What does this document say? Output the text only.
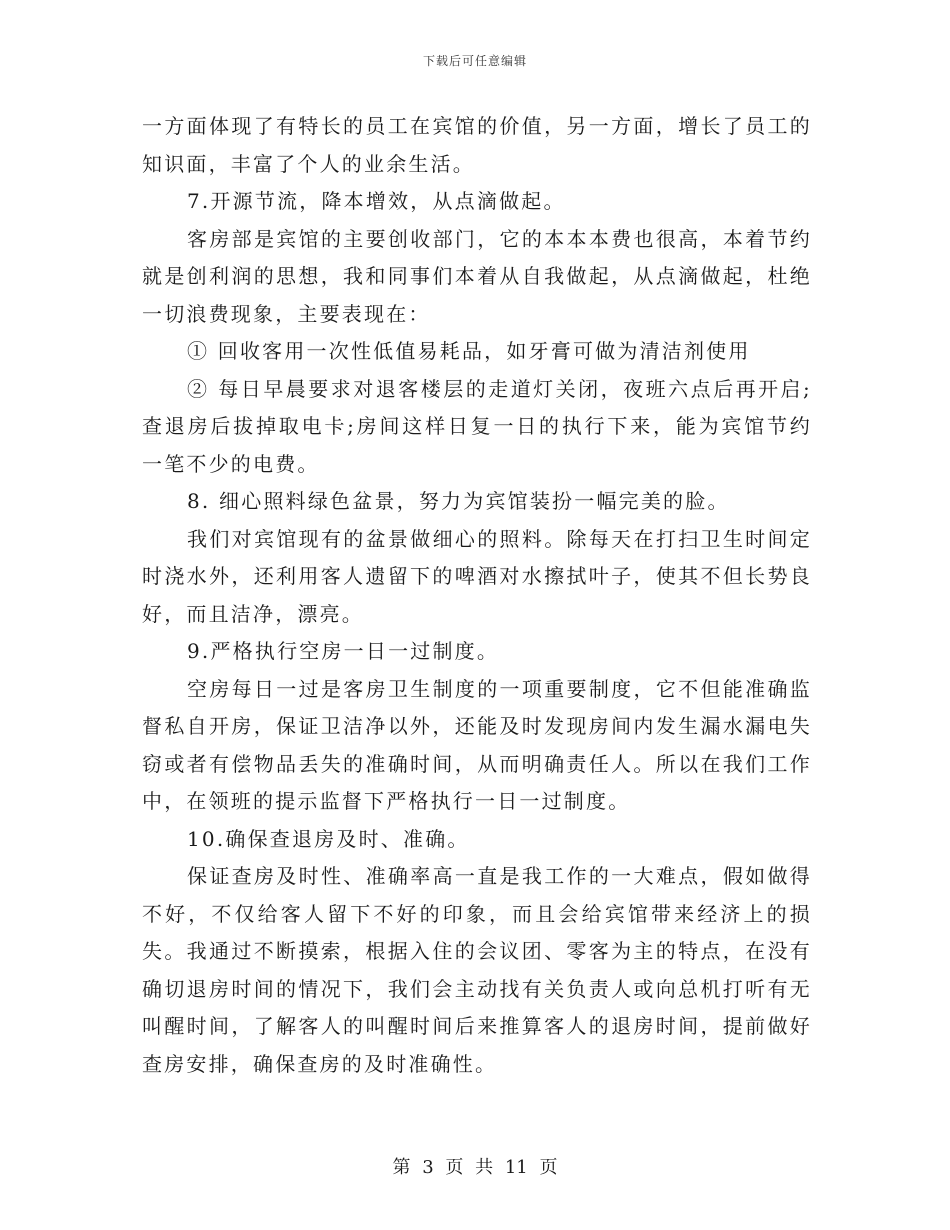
下载后可任意编辑

一方面体现了有特长的员工在宾馆的价值，另一方面，增长了员工的知识面，丰富了个人的业余生活。

7.开源节流，降本增效，从点滴做起。

客房部是宾馆的主要创收部门，它的本本本费也很高，本着节约就是创利润的思想，我和同事们本着从自我做起，从点滴做起，杜绝一切浪费现象，主要表现在：

① 回收客用一次性低值易耗品，如牙膏可做为清洁剂使用

② 每日早晨要求对退客楼层的走道灯关闭，夜班六点后再开启;查退房后拔掉取电卡;房间这样日复一日的执行下来，能为宾馆节约一笔不少的电费。

8. 细心照料绿色盆景，努力为宾馆装扮一幅完美的脸。

我们对宾馆现有的盆景做细心的照料。除每天在打扫卫生时间定时浇水外，还利用客人遗留下的啤酒对水擦拭叶子，使其不但长势良好，而且洁净，漂亮。

9.严格执行空房一日一过制度。

空房每日一过是客房卫生制度的一项重要制度，它不但能准确监督私自开房，保证卫洁净以外，还能及时发现房间内发生漏水漏电失窃或者有偿物品丢失的准确时间，从而明确责任人。所以在我们工作中，在领班的提示监督下严格执行一日一过制度。

10.确保查退房及时、准确。

保证查房及时性、准确率高一直是我工作的一大难点，假如做得不好，不仅给客人留下不好的印象，而且会给宾馆带来经济上的损失。我通过不断摸索，根据入住的会议团、零客为主的特点，在没有确切退房时间的情况下，我们会主动找有关负责人或向总机打听有无叫醒时间，了解客人的叫醒时间后来推算客人的退房时间，提前做好查房安排，确保查房的及时准确性。

第 3 页 共 11 页
